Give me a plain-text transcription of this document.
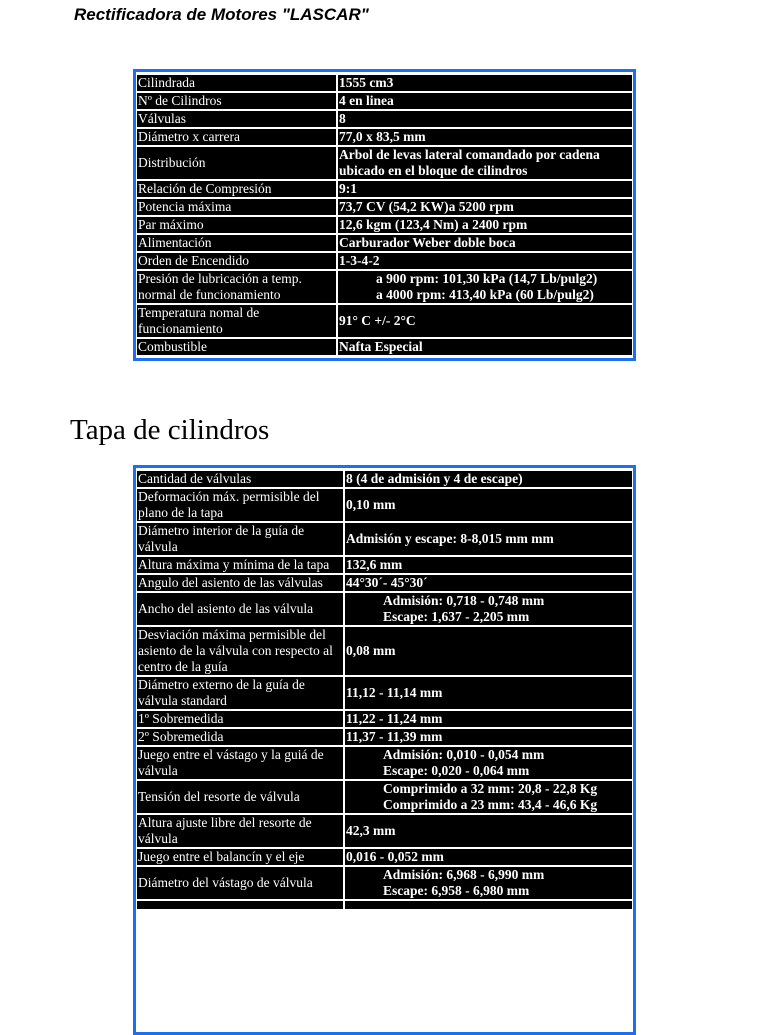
Rectificadora de Motores "LASCAR"
Cilindrada	1555 cm3

Nº de Cilindros	4 en linea

Válvulas	8

Diámetro x carrera	77,0 x 83,5 mm

Distribución	Arbol de levas lateral comandado por cadena ubicado en el bloque de cilindros

Relación de Compresión	9:1

Potencia máxima	73,7 CV (54,2 KW)a 5200 rpm

Par máximo	12,6 kgm (123,4 Nm) a 2400 rpm

Alimentación	Carburador Weber doble boca

Orden de Encendido	1-3-4-2

Presión de lubricación a temp. normal de funcionamiento	a 900 rpm: 101,30 kPa (14,7 Lb/pulg2)
a 4000 rpm: 413,40 kPa (60 Lb/pulg2)

Temperatura nomal de funcionamiento	91° C +/- 2°C

Combustible	Nafta Especial
Tapa de cilindros
Cantidad de válvulas	8 (4 de admisión y 4 de escape)

Deformación máx. permisible del plano de la tapa	0,10 mm

Diámetro interior de la guía de válvula	Admisión y escape: 8-8,015 mm mm

Altura máxima y mínima de la tapa	132,6 mm

Angulo del asiento de las válvulas	44°30´- 45°30´

Ancho del asiento de las válvula	Admisión: 0,718 - 0,748 mm
Escape: 1,637 - 2,205 mm

Desviación máxima permisible del asiento de la válvula con respecto al centro de la guía	0,08 mm

Diámetro externo de la guía de válvula standard	11,12 - 11,14 mm

1º Sobremedida	11,22 - 11,24 mm

2º Sobremedida	11,37 - 11,39 mm

Juego entre el vástago y la guiá de válvula	Admisión: 0,010 - 0,054 mm
Escape: 0,020 - 0,064 mm

Tensión del resorte de válvula	Comprimido a 32 mm: 20,8 - 22,8 Kg
Comprimido a 23 mm: 43,4 - 46,6 Kg

Altura ajuste libre del resorte de válvula	42,3 mm

Juego entre el balancín y el eje	0,016 - 0,052 mm

Diámetro del vástago de válvula	Admisión: 6,968 - 6,990 mm
Escape: 6,958 - 6,980 mm
